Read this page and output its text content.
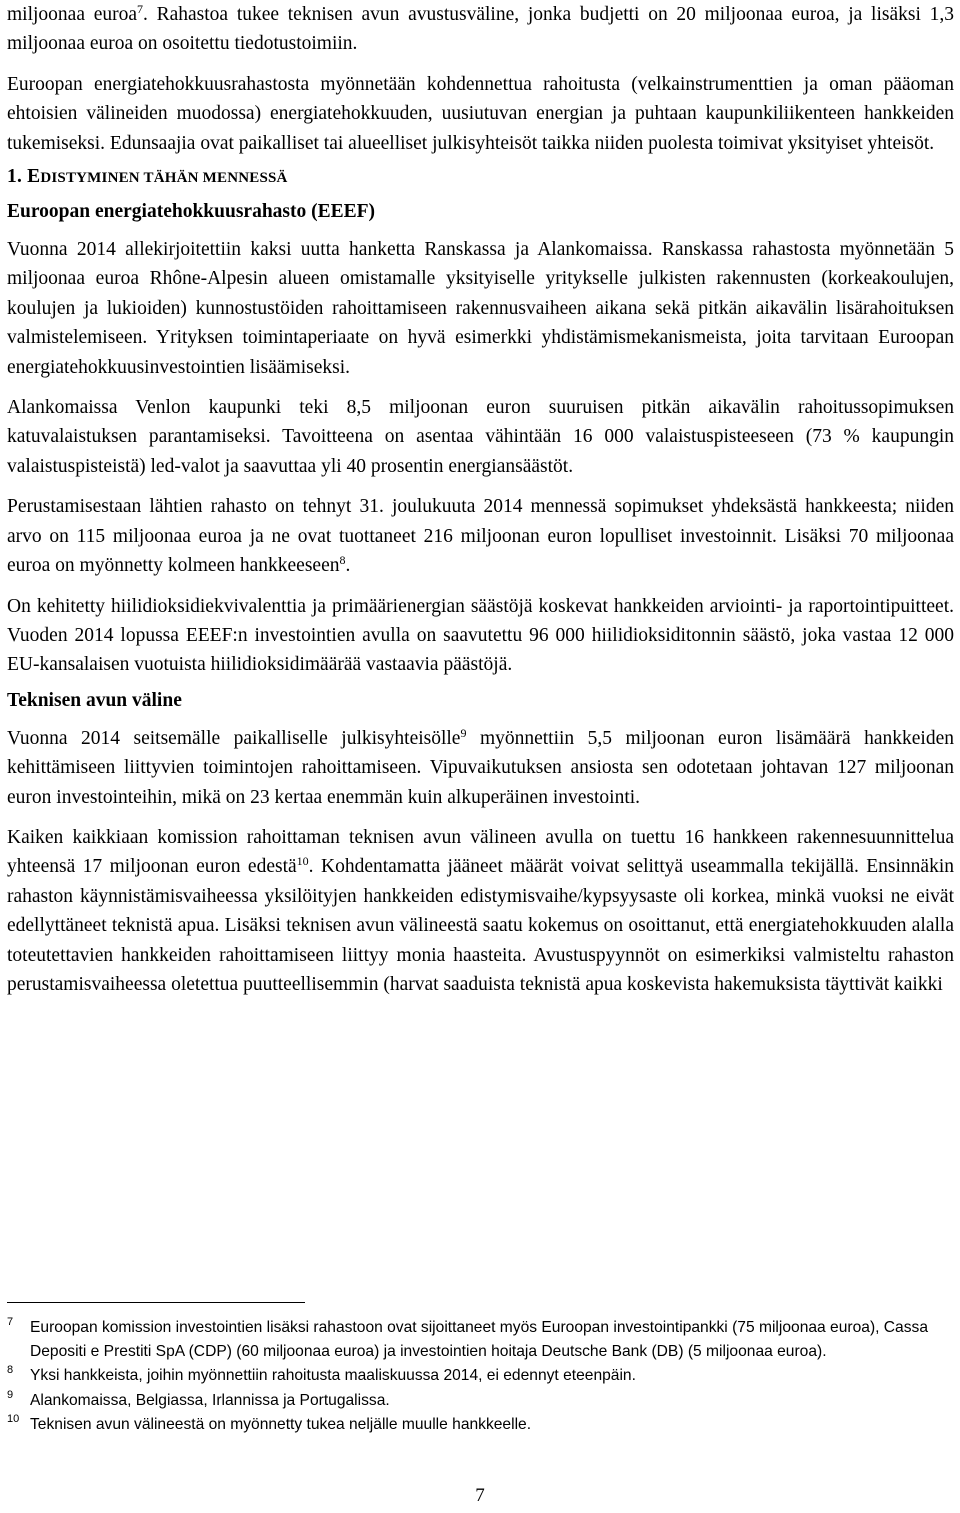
miljoonaa euroa$^7$. Rahastoa tukee teknisen avun avustusväline, jonka budjetti on 20 miljoonaa euroa, ja lisäksi 1,3 miljoonaa euroa on osoitettu tiedotustoimiin.

Euroopan energiatehokkuusrahastosta myönnetään kohdennettua rahoitusta (velkainstrumenttien ja oman pääoman ehtoisien välineiden muodossa) energiatehokkuuden, uusiutuvan energian ja puhtaan kaupunkiliikenteen hankkeiden tukemiseksi. Edunsaajia ovat paikalliset tai alueelliset julkisyhteisöt taikka niiden puolesta toimivat yksityiset yhteisöt.

1. EDISTYMINEN TÄHÄN MENNESSÄ
Euroopan energiatehokkuusrahasto (EEEF)

Vuonna 2014 allekirjoitettiin kaksi uutta hanketta Ranskassa ja Alankomaissa. Ranskassa rahastosta myönnetään 5 miljoonaa euroa Rhône-Alpesin alueen omistamalle yksityiselle yritykselle julkisten rakennusten (korkeakoulujen, koulujen ja lukioiden) kunnostustöiden rahoittamiseen rakennusvaiheen aikana sekä pitkän aikavälin lisärahoituksen valmistelemiseen. Yrityksen toimintaperiaate on hyvä esimerkki yhdistämismekanismeista, joita tarvitaan Euroopan energiatehokkuusinvestointien lisäämiseksi.

Alankomaissa Venlon kaupunki teki 8,5 miljoonan euron suuruisen pitkän aikavälin rahoitussopimuksen katuvalaistuksen parantamiseksi. Tavoitteena on asentaa vähintään 16 000 valaistuspisteeseen (73 % kaupungin valaistuspisteistä) led-valot ja saavuttaa yli 40 prosentin energiansäästöt.

Perustamisestaan lähtien rahasto on tehnyt 31. joulukuuta 2014 mennessä sopimukset yhdeksästä hankkeesta; niiden arvo on 115 miljoonaa euroa ja ne ovat tuottaneet 216 miljoonan euron lopulliset investoinnit. Lisäksi 70 miljoonaa euroa on myönnetty kolmeen hankkeeseen$^8$.

On kehitetty hiilidioksidiekvivalenttia ja primäärienergian säästöjä koskevat hankkeiden arviointi- ja raportointipuitteet. Vuoden 2014 lopussa EEEF:n investointien avulla on saavutettu 96 000 hiilidioksiditonnin säästö, joka vastaa 12 000 EU-kansalaisen vuotuista hiilidioksidimäärää vastaavia päästöjä.

Teknisen avun väline

Vuonna 2014 seitsemälle paikalliselle julkisyhteisölle$^9$ myönnettiin 5,5 miljoonan euron lisämäärä hankkeiden kehittämiseen liittyvien toimintojen rahoittamiseen. Vipuvaikutuksen ansiosta sen odotetaan johtavan 127 miljoonan euron investointeihin, mikä on 23 kertaa enemmän kuin alkuperäinen investointi.

Kaiken kaikkiaan komission rahoittaman teknisen avun välineen avulla on tuettu 16 hankkeen rakennesuunnittelua yhteensä 17 miljoonan euron edestä$^{10}$. Kohdentamatta jääneet määrät voivat selittyä useammalla tekijällä. Ensinnäkin rahaston käynnistämisvaiheessa yksilöityjen hankkeiden edistymisvaihe/kypsyysaste oli korkea, minkä vuoksi ne eivät edellyttäneet teknistä apua. Lisäksi teknisen avun välineestä saatu kokemus on osoittanut, että energiatehokkuuden alalla toteutettavien hankkeiden rahoittamiseen liittyy monia haasteita. Avustuspyynnöt on esimerkiksi valmisteltu rahaston perustamisvaiheessa oletettua puutteellisemmin (harvat saaduista teknistä apua koskevista hakemuksista täyttivät kaikki

7 Euroopan komission investointien lisäksi rahastoon ovat sijoittaneet myös Euroopan investointipankki (75 miljoonaa euroa), Cassa Depositi e Prestiti SpA (CDP) (60 miljoonaa euroa) ja investointien hoitaja Deutsche Bank (DB) (5 miljoonaa euroa).
8 Yksi hankkeista, joihin myönnettiin rahoitusta maaliskuussa 2014, ei edennyt eteenpäin.
9 Alankomaissa, Belgiassa, Irlannissa ja Portugalissa.
10 Teknisen avun välineestä on myönnetty tukea neljälle muulle hankkeelle.
7
